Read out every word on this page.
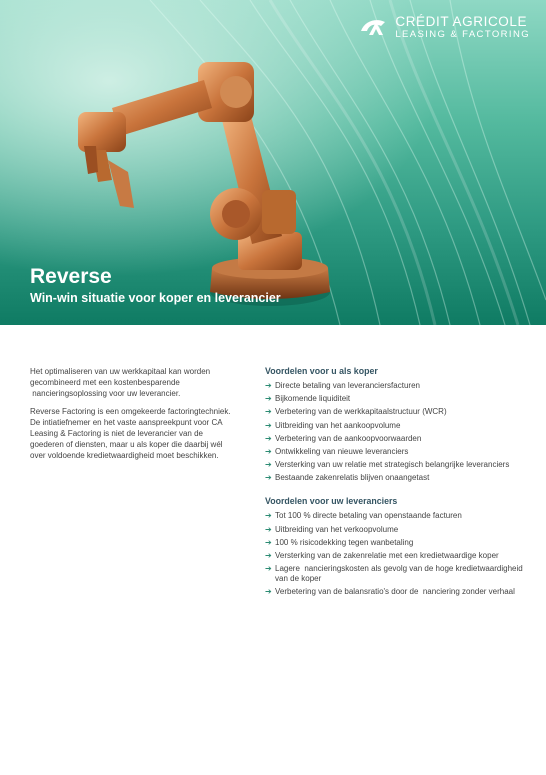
CRÉDIT AGRICOLE
LEASING & FACTORING
Reverse

Win-win situatie voor koper en leverancier

Het optimaliseren van uw werkkapitaal kan worden gecombineerd met een kostenbesparende  nancieringsoplossing voor uw leverancier.

Reverse Factoring is een omgekeerde factoringtechniek. De intiatiefnemer en het vaste aanspreekpunt voor CA Leasing & Factoring is niet de leverancier van de goederen of diensten, maar u als koper die daarbij wél over voldoende kredietwaardigheid moet beschikken.

Voordelen voor u als koper
➔ Directe betaling van leveranciersfacturen
➔ Bijkomende liquiditeit
➔ Verbetering van de werkkapitaalstructuur (WCR)
➔ Uitbreiding van het aankoopvolume
➔ Verbetering van de aankoopvoorwaarden
➔ Ontwikkeling van nieuwe leveranciers
➔ Versterking van uw relatie met strategisch belangrijke leveranciers
➔ Bestaande zakenrelatis blijven onaangetast
Voordelen voor uw leveranciers
➔ Tot 100 % directe betaling van openstaande facturen
➔ Uitbreiding van het verkoopvolume
➔ 100 % risicodekking tegen wanbetaling
➔ Versterking van de zakenrelatie met een kredietwaardige koper
➔ Lagere  nancieringskosten als gevolg van de hoge kredietwaardigheid van de koper
➔ Verbetering van de balansratio's door de  nanciering zonder verhaal
